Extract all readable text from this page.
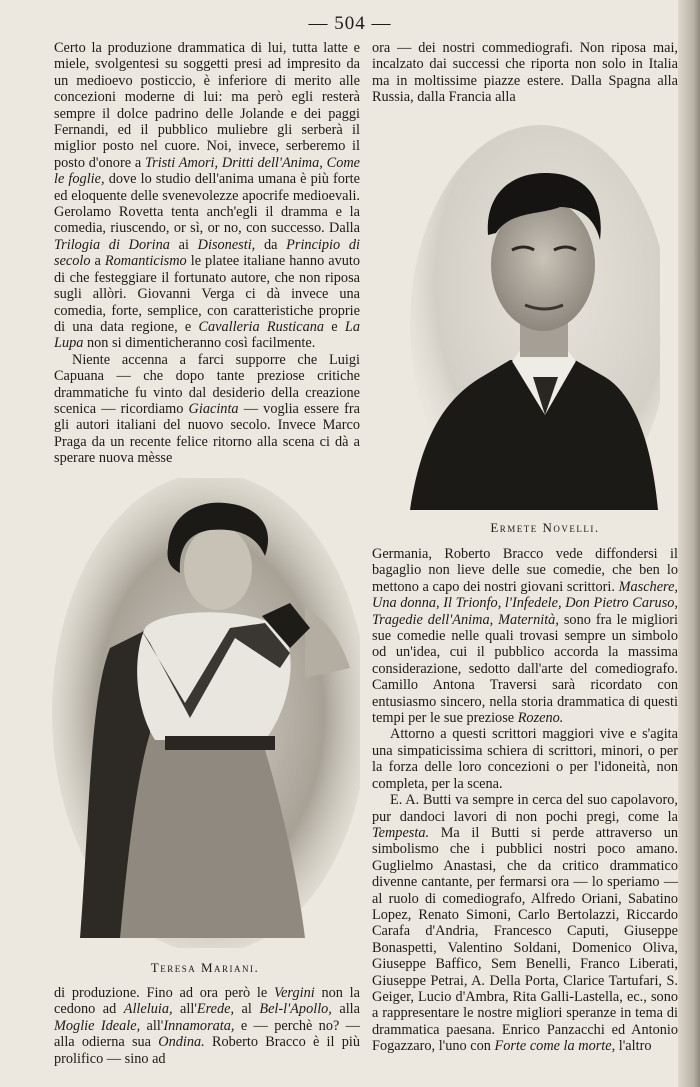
— 504 —

Certo la produzione drammatica di lui, tutta latte e miele, svolgentesi su soggetti presi ad impresito da un medioevo posticcio, è inferiore di merito alle concezioni moderne di lui: ma però egli resterà sempre il dolce padrino delle Jolande e dei paggi Fernandi, ed il pubblico muliebre gli serberà il miglior posto nel cuore. Noi, invece, serberemo il posto d'onore a Tristi Amori, Dritti dell'Anima, Come le foglie, dove lo studio dell'anima umana è più forte ed eloquente delle svenevolezze apocrife medioevali. Gerolamo Rovetta tenta anch'egli il dramma e la comedia, riuscendo, or sì, or no, con successo. Dalla Trilogia di Dorina ai Disonesti, da Principio di secolo a Romanticismo le platee italiane hanno avuto di che festeggiare il fortunato autore, che non riposa sugli allòri. Giovanni Verga ci dà invece una comedia, forte, semplice, con caratteristiche proprie di una data regione, e Cavalleria Rusticana e La Lupa non si dimenticheranno così facilmente.

Niente accenna a farci supporre che Luigi Capuana — che dopo tante preziose critiche drammatiche fu vinto dal desiderio della creazione scenica — ricordiamo Giacinta — voglia essere fra gli autori italiani del nuovo secolo. Invece Marco Praga da un recente felice ritorno alla scena ci dà a sperare nuova mèsse

ora — dei nostri commediografi. Non riposa mai, incalzato dai successi che riporta non solo in Italia ma in moltissime piazze estere. Dalla Spagna alla Russia, dalla Francia alla

Ermete Novelli.

Germania, Roberto Bracco vede diffondersi il bagaglio non lieve delle sue comedie, che ben lo mettono a capo dei nostri giovani scrittori. Maschere, Una donna, Il Trionfo, l'Infedele, Don Pietro Caruso, Tragedie dell'Anima, Maternità, sono fra le migliori sue comedie nelle quali trovasi sempre un simbolo od un'idea, cui il pubblico accorda la massima considerazione, sedotto dall'arte del comediografo. Camillo Antona Traversi sarà ricordato con entusiasmo sincero, nella storia drammatica di questi tempi per le sue preziose Rozeno.

Attorno a questi scrittori maggiori vive e s'agita una simpaticissima schiera di scrittori, minori, o per la forza delle loro concezioni o per l'idoneità, non completa, per la scena.

E. A. Butti va sempre in cerca del suo capolavoro, pur dandoci lavori di non pochi pregi, come la Tempesta. Ma il Butti si perde attraverso un simbolismo che i pubblici nostri poco amano. Guglielmo Anastasi, che da critico drammatico divenne cantante, per fermarsi ora — lo speriamo — al ruolo di comediografo, Alfredo Oriani, Sabatino Lopez, Renato Simoni, Carlo Bertolazzi, Riccardo Carafa d'Andria, Francesco Caputi, Giuseppe Bonaspetti, Valentino Soldani, Domenico Oliva, Giuseppe Baffico, Sem Benelli, Franco Liberati, Giuseppe Petrai, A. Della Porta, Clarice Tartufari, S. Geiger, Lucio d'Ambra, Rita Galli-Lastella, ec., sono a rappresentare le nostre migliori speranze in tema di drammatica paesana. Enrico Panzacchi ed Antonio Fogazzaro, l'uno con Forte come la morte, l'altro

Teresa Mariani.

di produzione. Fino ad ora però le Vergini non la cedono ad Alleluia, all'Erede, al Bel-l'Apollo, alla Moglie Ideale, all'Innamorata, e — perchè no? — alla odierna sua Ondina. Roberto Bracco è il più prolifico — sino ad
